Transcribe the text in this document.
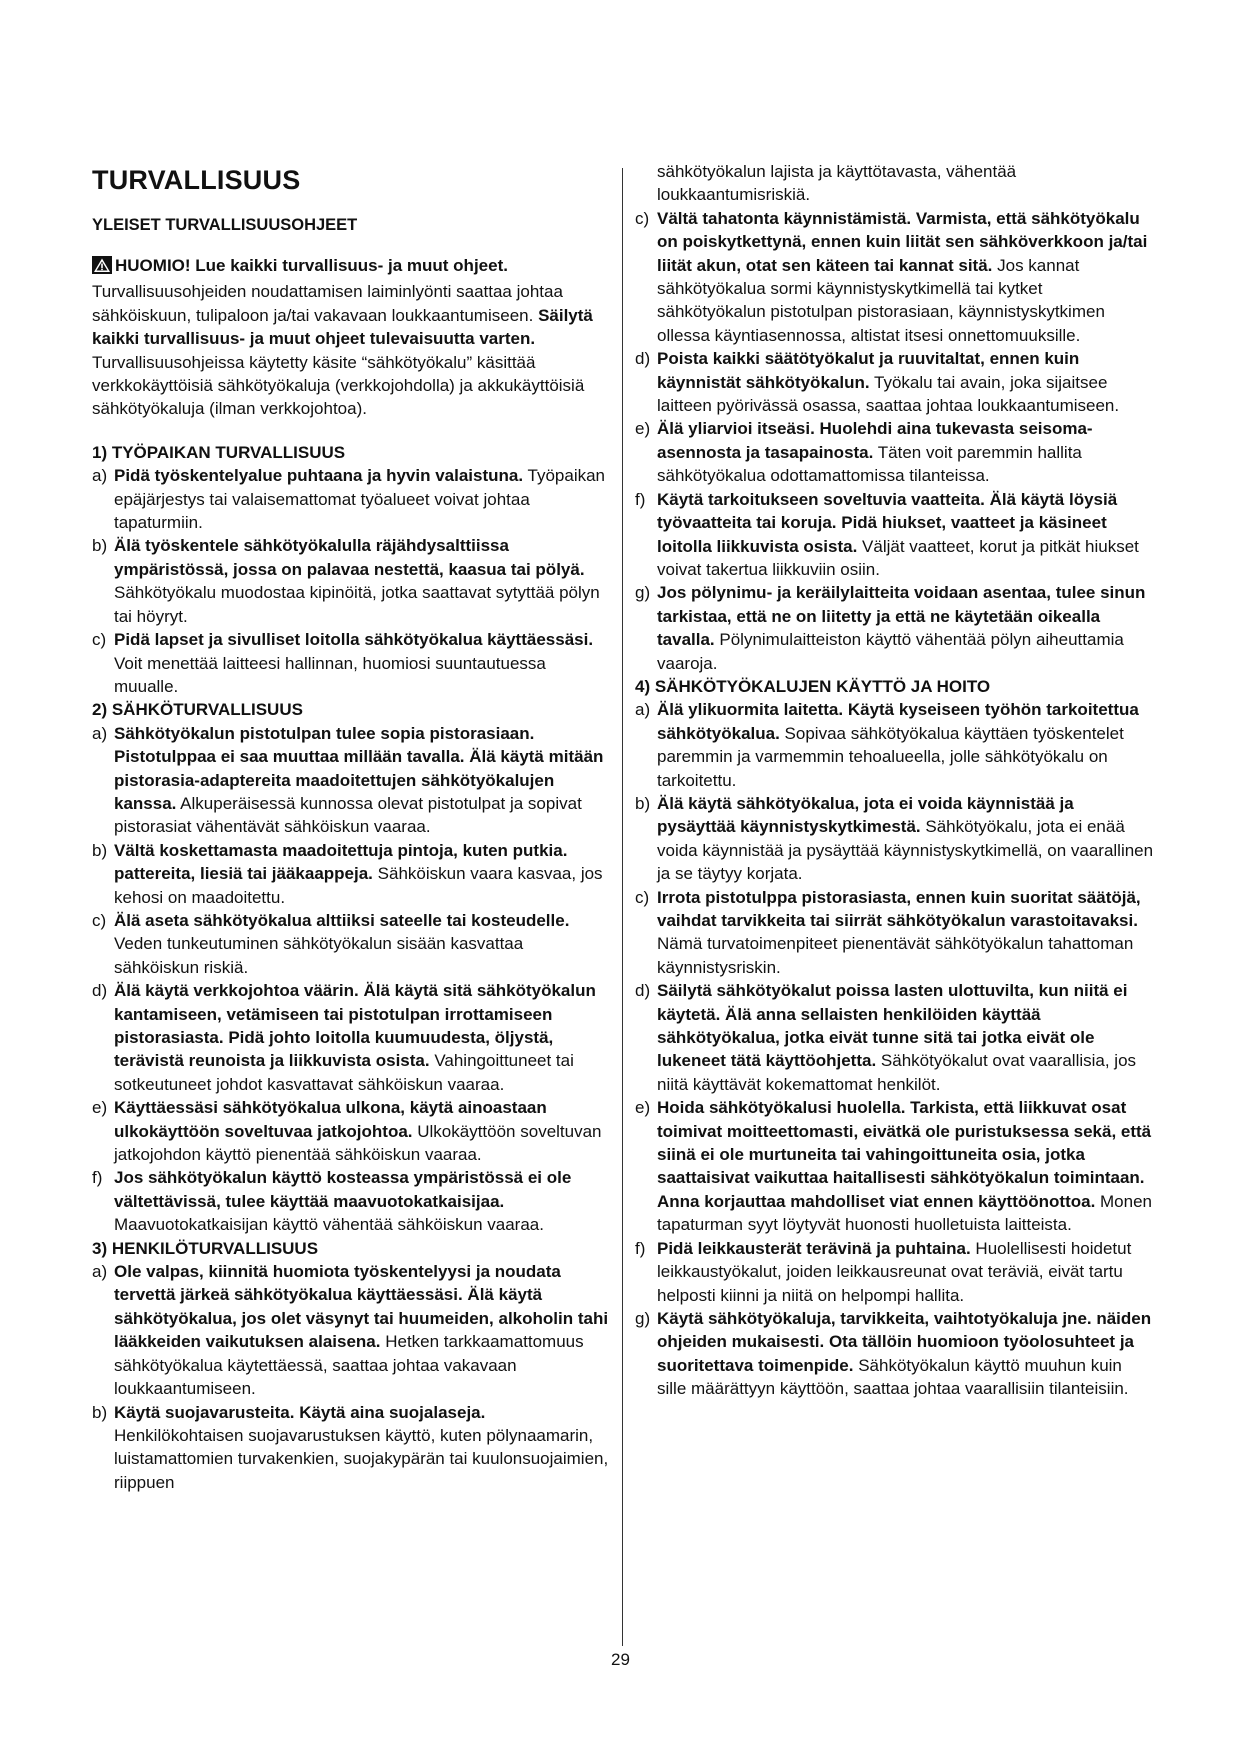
TURVALLISUUS
YLEISET TURVALLISUUSOHJEET

HUOMIO! Lue kaikki turvallisuus- ja muut ohjeet. Turvallisuusohjeiden noudattamisen laiminlyönti saattaa johtaa sähköiskuun, tulipaloon ja/tai vakavaan loukkaantumiseen. Säilytä kaikki turvallisuus- ja muut ohjeet tulevaisuutta varten. Turvallisuusohjeissa käytetty käsite “sähkötyökalu” käsittää verkkokäyttöisiä sähkötyökaluja (verkkojohdolla) ja akkukäyttöisiä sähkötyökaluja (ilman verkkojohtoa).

1) TYÖPAIKAN TURVALLISUUS

a) Pidä työskentelyalue puhtaana ja hyvin valaistuna. Työpaikan epäjärjestys tai valaisemattomat työalueet voivat johtaa tapaturmiin.

b) Älä työskentele sähkötyökalulla räjähdysalttiissa ympäristössä, jossa on palavaa nestettä, kaasua tai pölyä. Sähkötyökalu muodostaa kipinöitä, jotka saattavat sytyttää pölyn tai höyryt.

c) Pidä lapset ja sivulliset loitolla sähkötyökalua käyttäessäsi. Voit menettää laitteesi hallinnan, huomiosi suuntautuessa muualle.

2) SÄHKÖTURVALLISUUS

a) Sähkötyökalun pistotulpan tulee sopia pistorasiaan. Pistotulppaa ei saa muuttaa millään tavalla. Älä käytä mitään pistorasia-adaptereita maadoitettujen sähkötyökalujen kanssa. Alkuperäisessä kunnossa olevat pistotulpat ja sopivat pistorasiat vähentävät sähköiskun vaaraa.

b) Vältä koskettamasta maadoitettuja pintoja, kuten putkia. pattereita, liesiä tai jääkaappeja. Sähköiskun vaara kasvaa, jos kehosi on maadoitettu.

c) Älä aseta sähkötyökalua alttiiksi sateelle tai kosteudelle. Veden tunkeutuminen sähkötyökalun sisään kasvattaa sähköiskun riskiä.

d) Älä käytä verkkojohtoa väärin. Älä käytä sitä sähkötyökalun kantamiseen, vetämiseen tai pistotulpan irrottamiseen pistorasiasta. Pidä johto loitolla kuumuudesta, öljystä, terävistä reunoista ja liikkuvista osista. Vahingoittuneet tai sotkeutuneet johdot kasvattavat sähköiskun vaaraa.

e) Käyttäessäsi sähkötyökalua ulkona, käytä ainoastaan ulkokäyttöön soveltuvaa jatkojohtoa. Ulkokäyttöön soveltuvan jatkojohdon käyttö pienentää sähköiskun vaaraa.

f) Jos sähkötyökalun käyttö kosteassa ympäristössä ei ole vältettävissä, tulee käyttää maavuotokatkaisijaa. Maavuotokatkaisijan käyttö vähentää sähköiskun vaaraa.

3) HENKILÖTURVALLISUUS

a) Ole valpas, kiinnitä huomiota työskentelyysi ja noudata tervettä järkeä sähkötyökalua käyttäessäsi. Älä käytä sähkötyökalua, jos olet väsynyt tai huumeiden, alkoholin tahi lääkkeiden vaikutuksen alaisena. Hetken tarkkaamattomuus sähkötyökalua käytettäessä, saattaa johtaa vakavaan loukkaantumiseen.

b) Käytä suojavarusteita. Käytä aina suojalaseja. Henkilökohtaisen suojavarustuksen käyttö, kuten pölynaamarin, luistamattomien turvakenkien, suojakypärän tai kuulonsuojaimien, riippuen

sähkötyökalun lajista ja käyttötavasta, vähentää loukkaantumisriskiä.

c) Vältä tahatonta käynnistämistä. Varmista, että sähkötyökalu on poiskytkettynä, ennen kuin liität sen sähköverkkoon ja/tai liität akun, otat sen käteen tai kannat sitä. Jos kannat sähkötyökalua sormi käynnistyskytkimellä tai kytket sähkötyökalun pistotulpan pistorasiaan, käynnistyskytkimen ollessa käyntiasennossa, altistat itsesi onnettomuuksille.

d) Poista kaikki säätötyökalut ja ruuvitaltat, ennen kuin käynnistät sähkötyökalun. Työkalu tai avain, joka sijaitsee laitteen pyörivässä osassa, saattaa johtaa loukkaantumiseen.

e) Älä yliarvioi itseäsi. Huolehdi aina tukevasta seisoma-asennosta ja tasapainosta. Täten voit paremmin hallita sähkötyökalua odottamattomissa tilanteissa.

f) Käytä tarkoitukseen soveltuvia vaatteita. Älä käytä löysiä työvaatteita tai koruja. Pidä hiukset, vaatteet ja käsineet loitolla liikkuvista osista. Väljät vaatteet, korut ja pitkät hiukset voivat takertua liikkuviin osiin.

g) Jos pölynimu- ja keräilylaitteita voidaan asentaa, tulee sinun tarkistaa, että ne on liitetty ja että ne käytetään oikealla tavalla. Pölynimulaitteiston käyttö vähentää pölyn aiheuttamia vaaroja.

4) SÄHKÖTYÖKALUJEN KÄYTTÖ JA HOITO

a) Älä ylikuormita laitetta. Käytä kyseiseen työhön tarkoitettua sähkötyökalua. Sopivaa sähkötyökalua käyttäen työskentelet paremmin ja varmemmin tehoalueella, jolle sähkötyökalu on tarkoitettu.

b) Älä käytä sähkötyökalua, jota ei voida käynnistää ja pysäyttää käynnistyskytkimestä. Sähkötyökalu, jota ei enää voida käynnistää ja pysäyttää käynnistyskytkimellä, on vaarallinen ja se täytyy korjata.

c) Irrota pistotulppa pistorasiasta, ennen kuin suoritat säätöjä, vaihdat tarvikkeita tai siirrät sähkötyökalun varastoitavaksi. Nämä turvatoimenpiteet pienentävät sähkötyökalun tahattoman käynnistysriskin.

d) Säilytä sähkötyökalut poissa lasten ulottuvilta, kun niitä ei käytetä. Älä anna sellaisten henkilöiden käyttää sähkötyökalua, jotka eivät tunne sitä tai jotka eivät ole lukeneet tätä käyttöohjetta. Sähkötyökalut ovat vaarallisia, jos niitä käyttävät kokemattomat henkilöt.

e) Hoida sähkötyökalusi huolella. Tarkista, että liikkuvat osat toimivat moitteettomasti, eivätkä ole puristuksessa sekä, että siinä ei ole murtuneita tai vahingoittuneita osia, jotka saattaisivat vaikuttaa haitallisesti sähkötyökalun toimintaan. Anna korjauttaa mahdolliset viat ennen käyttöönottoa. Monen tapaturman syyt löytyvät huonosti huolletuista laitteista.

f) Pidä leikkausterät terävinä ja puhtaina. Huolellisesti hoidetut leikkaustyökalut, joiden leikkausreunat ovat teräviä, eivät tartu helposti kiinni ja niitä on helpompi hallita.

g) Käytä sähkötyökaluja, tarvikkeita, vaihtotyökaluja jne. näiden ohjeiden mukaisesti. Ota tällöin huomioon työolosuhteet ja suoritettava toimenpide. Sähkötyökalun käyttö muuhun kuin sille määrättyyn käyttöön, saattaa johtaa vaarallisiin tilanteisiin.

29
